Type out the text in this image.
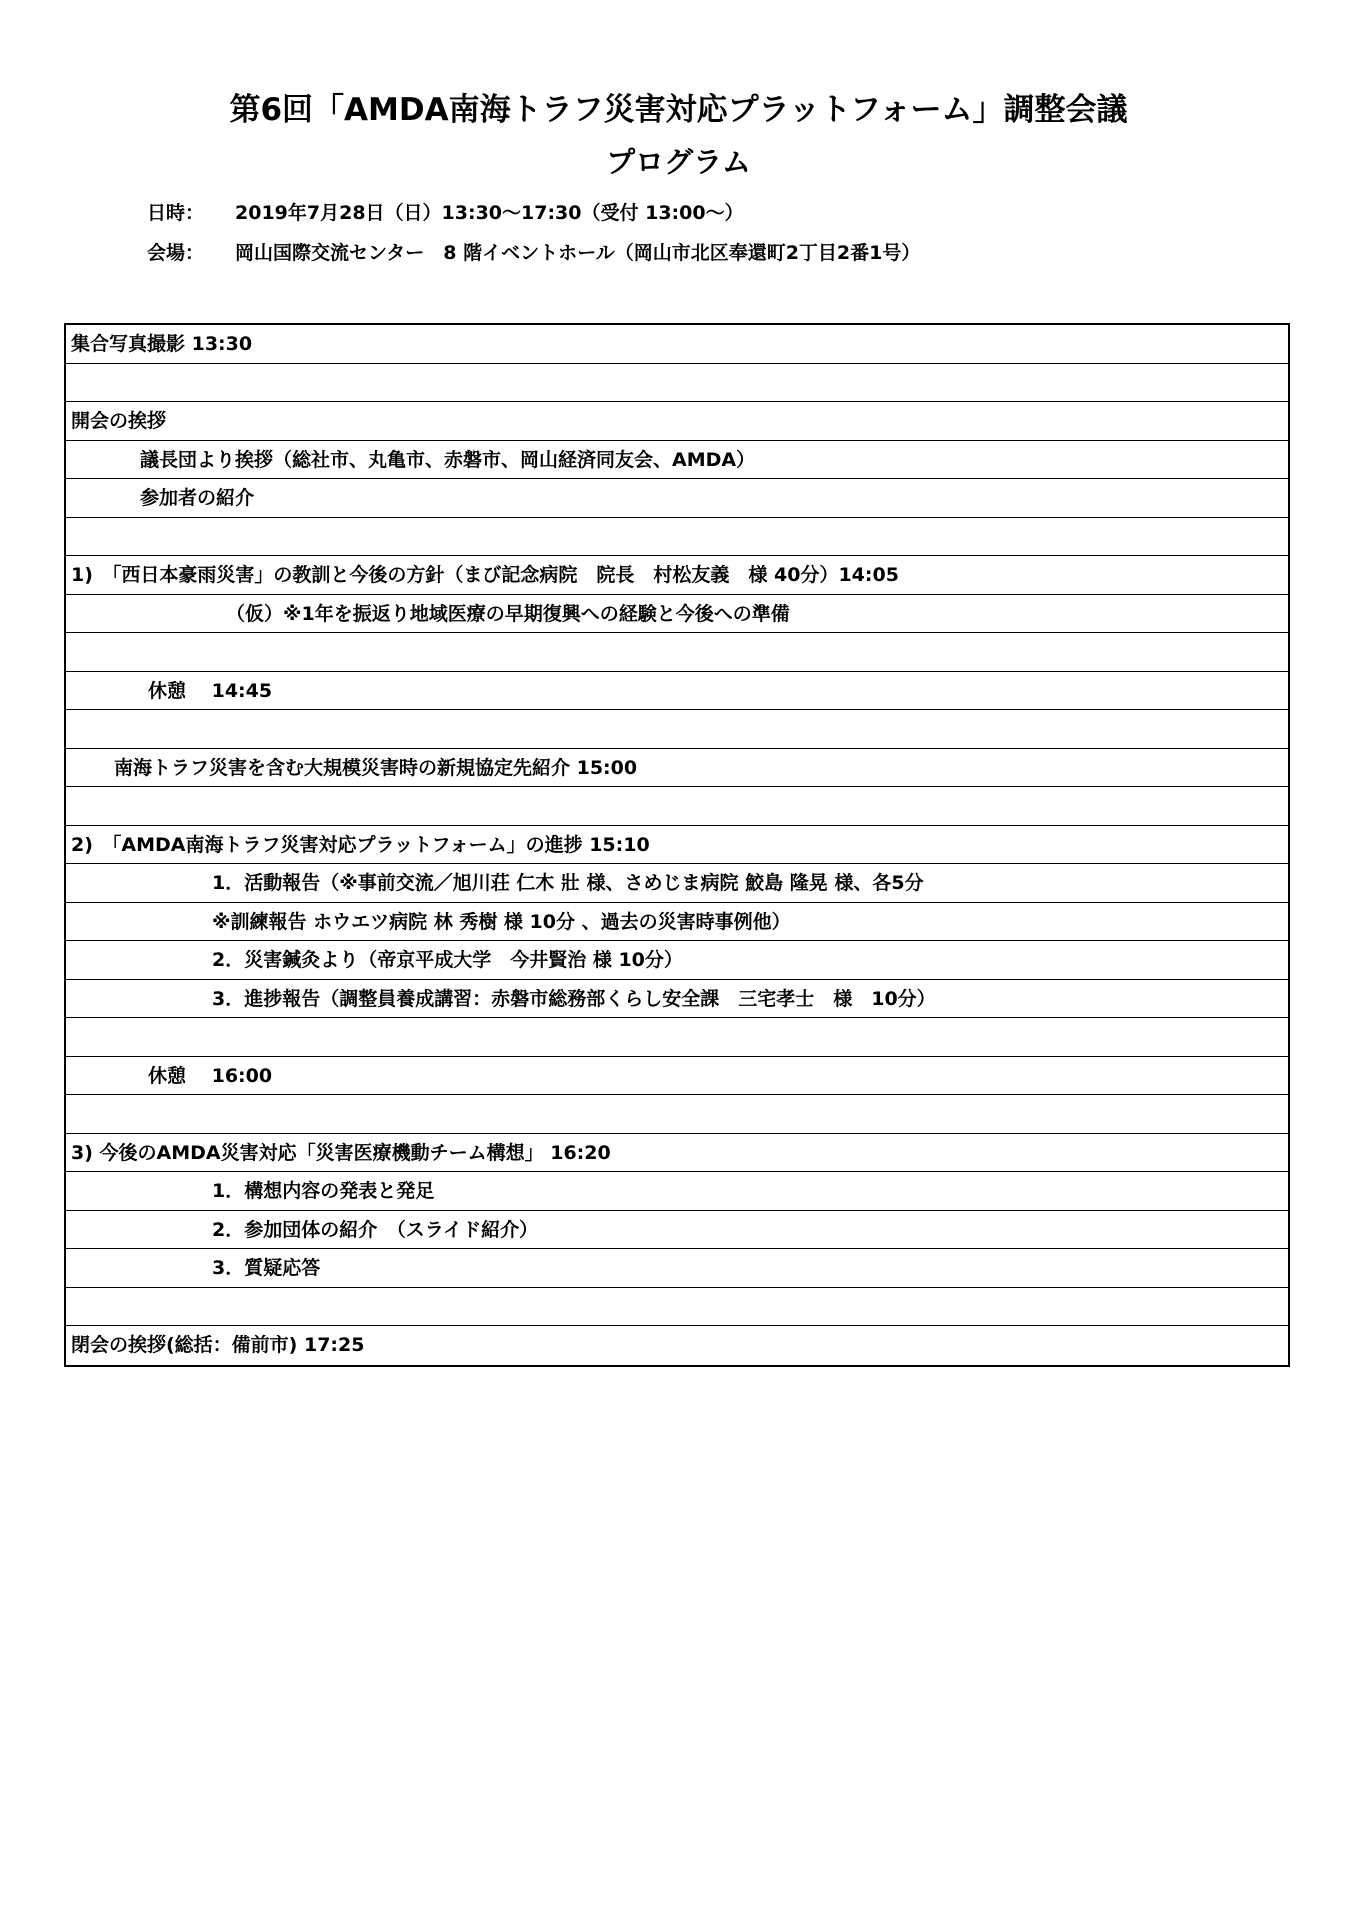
第6回「AMDA南海トラフ災害対応プラットフォーム」調整会議
プログラム
日時： 2019年7月28日（日）13:30～17:30（受付 13:00～）
会場： 岡山国際交流センター　8 階イベントホール（岡山市北区奉還町2丁目2番1号）
集合写真撮影 13:30
開会の挨拶
議長団より挨拶（総社市、丸亀市、赤磐市、岡山経済同友会、AMDA）
参加者の紹介
1)　「西日本豪雨災害」の教訓と今後の方針（まび記念病院　院長　村松友義　様 40分）14:05
（仮）※1年を振返り地域医療の早期復興への経験と今後への準備
休憩　 14:45
南海トラフ災害を含む大規模災害時の新規協定先紹介 15:00
2)　「AMDA南海トラフ災害対応プラットフォーム」の進捗 15:10
1．活動報告（※事前交流／旭川荘 仁木 壯 様、さめじま病院 鮫島 隆晃 様、各5分
※訓練報告 ホウエツ病院 林 秀樹 様 10分 、過去の災害時事例他）
2．災害鍼灸より（帝京平成大学　今井賢治 様 10分）
3．進捗報告（調整員養成講習：赤磐市総務部くらし安全課　三宅孝士　様　10分）
休憩　 16:00
3) 今後のAMDA災害対応「災害医療機動チーム構想」 16:20
1．構想内容の発表と発足
2．参加団体の紹介　（スライド紹介）
3．質疑応答
閉会の挨拶(総括：備前市) 17:25
